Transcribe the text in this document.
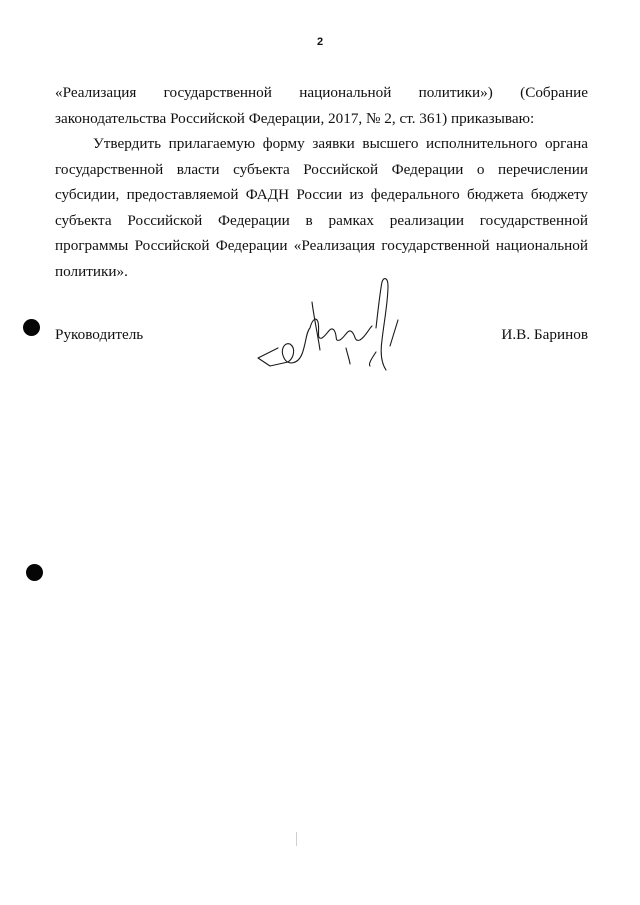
2

«Реализация государственной национальной политики») (Собрание законодательства Российской Федерации, 2017, № 2, ст. 361) приказываю:

Утвердить прилагаемую форму заявки высшего исполнительного органа государственной власти субъекта Российской Федерации о перечислении субсидии, предоставляемой ФАДН России из федерального бюджета бюджету субъекта Российской Федерации в рамках реализации государственной программы Российской Федерации «Реализация государственной национальной политики».

Руководитель	И.В. Баринов
